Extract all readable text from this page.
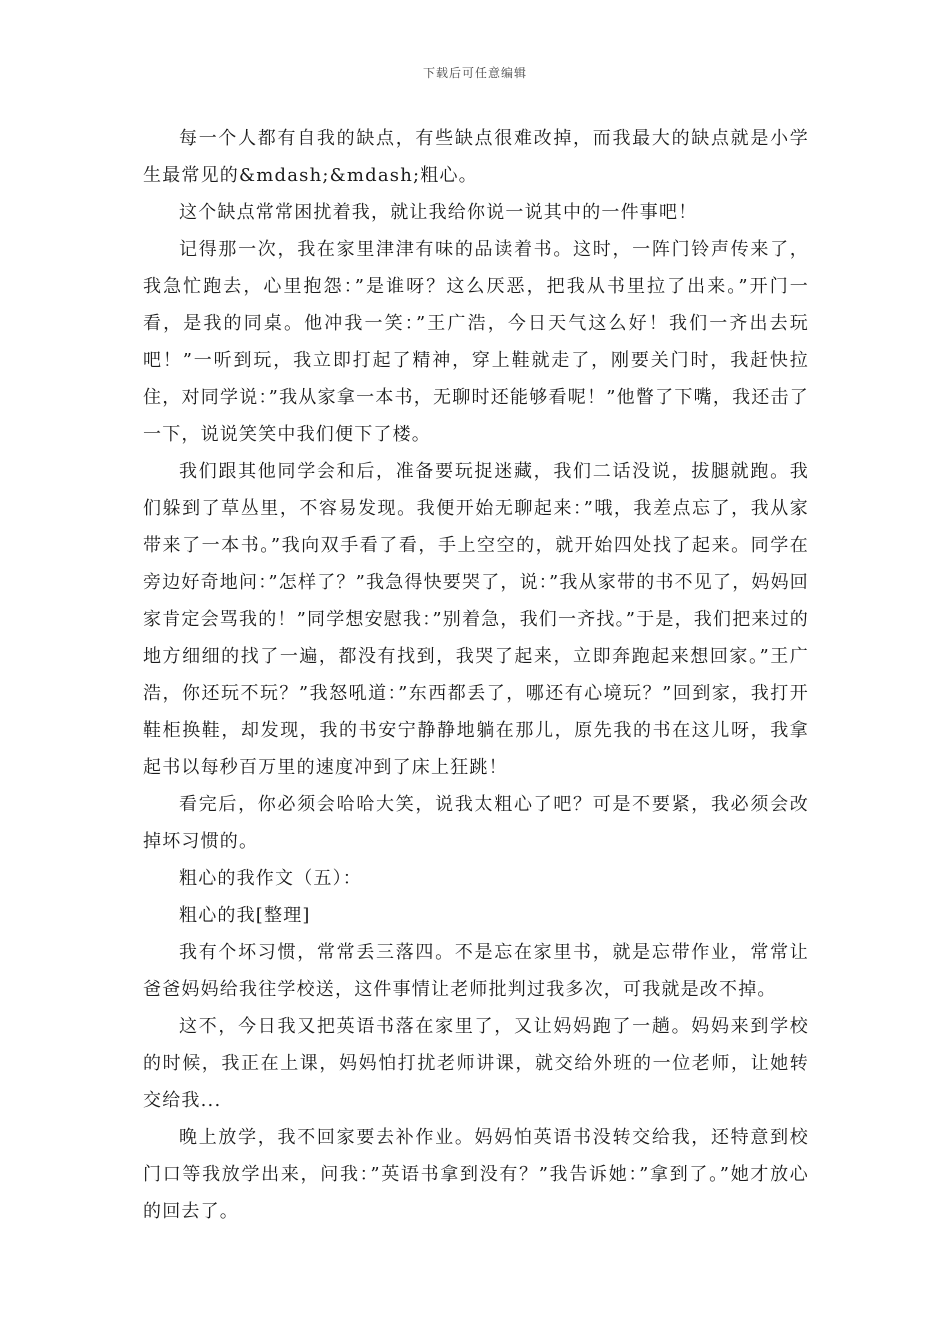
下载后可任意编辑

每一个人都有自我的缺点，有些缺点很难改掉，而我最大的缺点就是小学生最常见的&mdash;&mdash;粗心。

这个缺点常常困扰着我，就让我给你说一说其中的一件事吧！

记得那一次，我在家里津津有味的品读着书。这时，一阵门铃声传来了，我急忙跑去，心里抱怨：”是谁呀？这么厌恶，把我从书里拉了出来。”开门一看，是我的同桌。他冲我一笑：”王广浩，今日天气这么好！我们一齐出去玩吧！”一听到玩，我立即打起了精神，穿上鞋就走了，刚要关门时，我赶快拉住，对同学说：”我从家拿一本书，无聊时还能够看呢！”他瞥了下嘴，我还击了一下，说说笑笑中我们便下了楼。

我们跟其他同学会和后，准备要玩捉迷藏，我们二话没说，拔腿就跑。我们躲到了草丛里，不容易发现。我便开始无聊起来：”哦，我差点忘了，我从家带来了一本书。”我向双手看了看，手上空空的，就开始四处找了起来。同学在旁边好奇地问：”怎样了？”我急得快要哭了，说：”我从家带的书不见了，妈妈回家肯定会骂我的！”同学想安慰我：”别着急，我们一齐找。”于是，我们把来过的地方细细的找了一遍，都没有找到，我哭了起来，立即奔跑起来想回家。”王广浩，你还玩不玩？”我怒吼道：”东西都丢了，哪还有心境玩？”回到家，我打开鞋柜换鞋，却发现，我的书安宁静静地躺在那儿，原先我的书在这儿呀，我拿起书以每秒百万里的速度冲到了床上狂跳！

看完后，你必须会哈哈大笑，说我太粗心了吧？可是不要紧，我必须会改掉坏习惯的。

粗心的我作文（五）：

粗心的我[整理]

我有个坏习惯，常常丢三落四。不是忘在家里书，就是忘带作业，常常让爸爸妈妈给我往学校送，这件事情让老师批判过我多次，可我就是改不掉。

这不，今日我又把英语书落在家里了，又让妈妈跑了一趟。妈妈来到学校的时候，我正在上课，妈妈怕打扰老师讲课，就交给外班的一位老师，让她转交给我...

晚上放学，我不回家要去补作业。妈妈怕英语书没转交给我，还特意到校门口等我放学出来，问我：”英语书拿到没有？”我告诉她：”拿到了。”她才放心的回去了。
